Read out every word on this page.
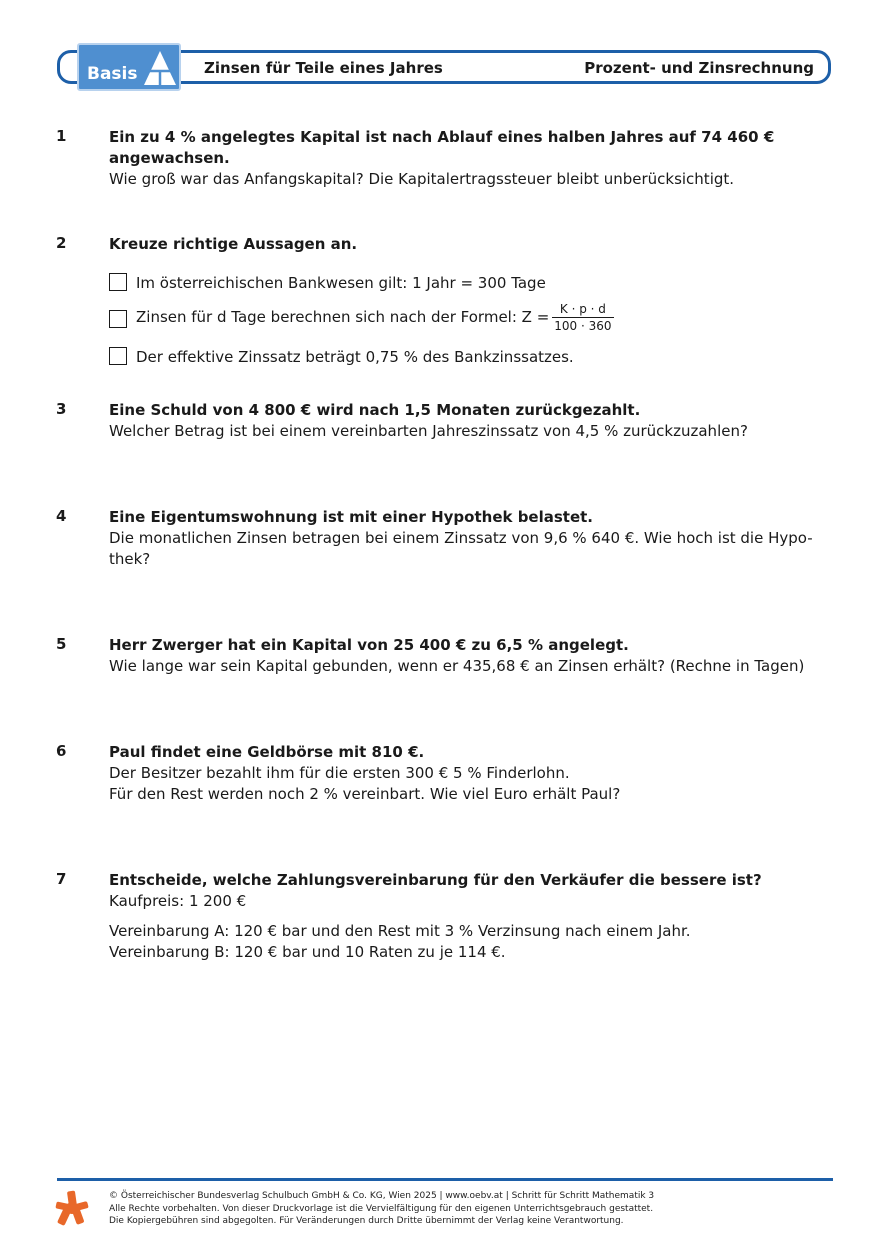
Basis	Zinsen für Teile eines Jahres	Prozent- und Zinsrechnung
1	Ein zu 4 % angelegtes Kapital ist nach Ablauf eines halben Jahres auf 74 460 € angewachsen.
Wie groß war das Anfangskapital? Die Kapitalertragssteuer bleibt unberücksichtigt.
2	Kreuze richtige Aussagen an.
Im österreichischen Bankwesen gilt: 1 Jahr = 300 Tage
Zinsen für d Tage berechnen sich nach der Formel: $Z = \frac{K \cdot p \cdot d}{100 \cdot 360}$
Der effektive Zinssatz beträgt 0,75 % des Bankzinssatzes.
3	Eine Schuld von 4 800 € wird nach 1,5 Monaten zurückgezahlt.
Welcher Betrag ist bei einem vereinbarten Jahreszinssatz von 4,5 % zurückzuzahlen?
4	Eine Eigentumswohnung ist mit einer Hypothek belastet.
Die monatlichen Zinsen betragen bei einem Zinssatz von 9,6 % 640 €. Wie hoch ist die Hypo-
thek?
5	Herr Zwerger hat ein Kapital von 25 400 € zu 6,5 % angelegt.
Wie lange war sein Kapital gebunden, wenn er 435,68 € an Zinsen erhält? (Rechne in Tagen)
6	Paul findet eine Geldbörse mit 810 €.
Der Besitzer bezahlt ihm für die ersten 300 € 5 % Finderlohn.
Für den Rest werden noch 2 % vereinbart. Wie viel Euro erhält Paul?
7	Entscheide, welche Zahlungsvereinbarung für den Verkäufer die bessere ist?
Kaufpreis: 1 200 €
Vereinbarung A: 120 € bar und den Rest mit 3 % Verzinsung nach einem Jahr.
Vereinbarung B: 120 € bar und 10 Raten zu je 114 €.
© Österreichischer Bundesverlag Schulbuch GmbH & Co. KG, Wien 2025 | www.oebv.at | Schritt für Schritt Mathematik 3
Alle Rechte vorbehalten. Von dieser Druckvorlage ist die Vervielfältigung für den eigenen Unterrichtsgebrauch gestattet.
Die Kopiergebühren sind abgegolten. Für Veränderungen durch Dritte übernimmt der Verlag keine Verantwortung.
